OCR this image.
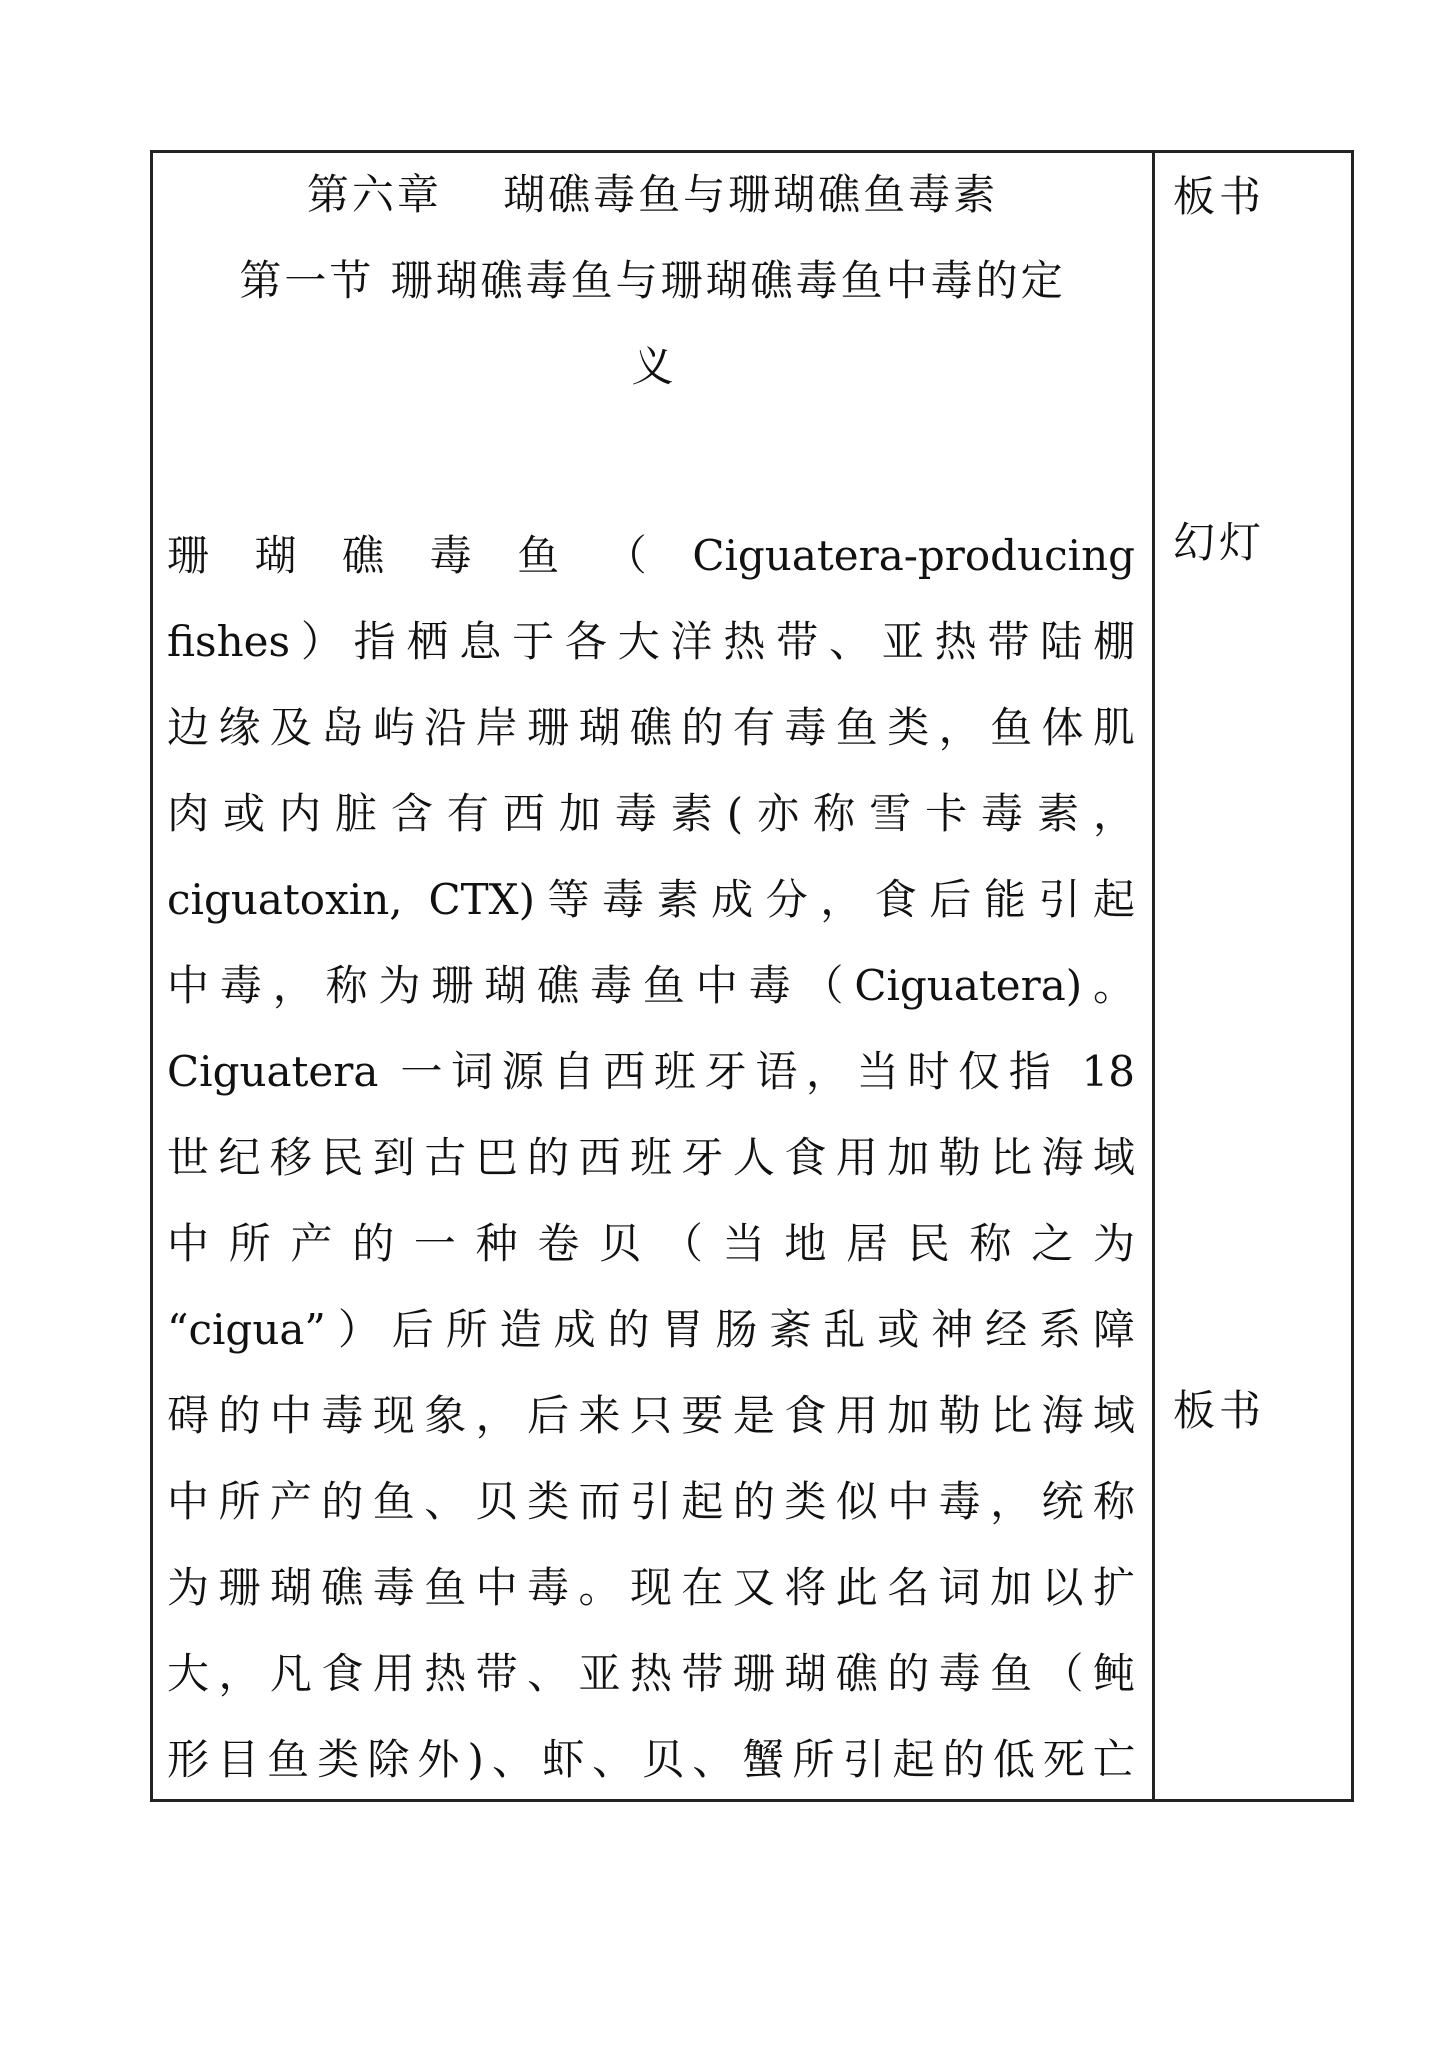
第六章　 瑚礁毒鱼与珊瑚礁鱼毒素
第一节 珊瑚礁毒鱼与珊瑚礁毒鱼中毒的定
义
珊 瑚 礁 毒 鱼 （ Ciguatera-producing
fishes）指栖息于各大洋热带、亚热带陆棚
边缘及岛屿沿岸珊瑚礁的有毒鱼类，鱼体肌
肉或内脏含有西加毒素(亦称雪卡毒素，
ciguatoxin, CTX)等毒素成分，食后能引起
中毒，称为珊瑚礁毒鱼中毒（Ciguatera)。
Ciguatera 一词源自西班牙语，当时仅指 18
世纪移民到古巴的西班牙人食用加勒比海域
中 所 产 的 一 种 卷 贝 （ 当 地 居 民 称 之 为
“cigua”）后所造成的胃肠紊乱或神经系障
碍的中毒现象，后来只要是食用加勒比海域
中所产的鱼、贝类而引起的类似中毒，统称
为珊瑚礁毒鱼中毒。现在又将此名词加以扩
大，凡食用热带、亚热带珊瑚礁的毒鱼（鲀
形目鱼类除外)、虾、贝、蟹所引起的低死亡
板书
幻灯
板书
